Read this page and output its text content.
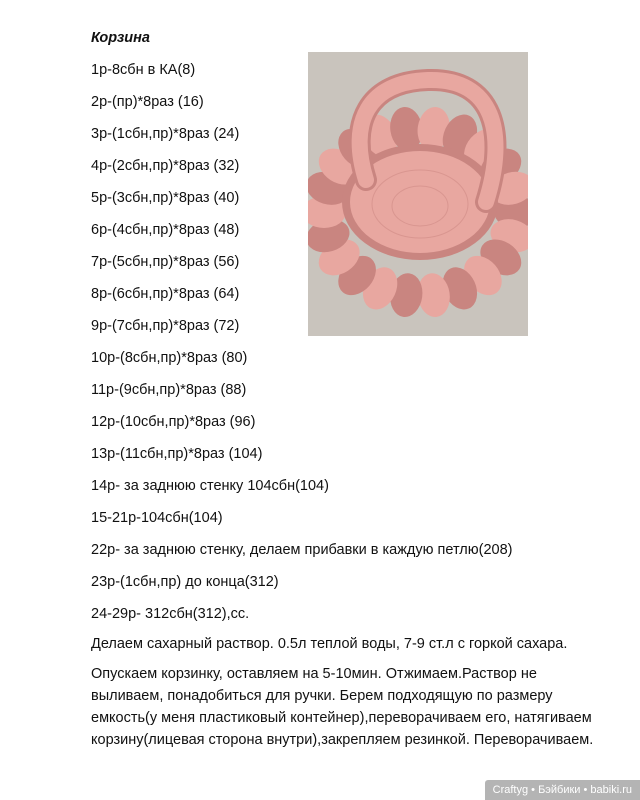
Корзина
1р-8сбн в КА(8)
2р-(пр)*8раз (16)
3р-(1сбн,пр)*8раз (24)
4р-(2сбн,пр)*8раз (32)
5р-(3сбн,пр)*8раз (40)
6р-(4сбн,пр)*8раз (48)
7р-(5сбн,пр)*8раз (56)
8р-(6сбн,пр)*8раз (64)
9р-(7сбн,пр)*8раз (72)
10р-(8сбн,пр)*8раз (80)
11р-(9сбн,пр)*8раз (88)
12р-(10сбн,пр)*8раз (96)
13р-(11сбн,пр)*8раз (104)
14р- за заднюю стенку 104сбн(104)
15-21р-104сбн(104)
22р- за заднюю стенку, делаем прибавки в каждую петлю(208)
23р-(1сбн,пр) до конца(312)
24-29р- 312сбн(312),сс.
Делаем сахарный раствор. 0.5л теплой воды, 7-9 ст.л с горкой сахара.
Опускаем корзинку, оставляем на 5-10мин. Отжимаем.Раствор не выливаем, понадобиться для ручки. Берем подходящую по размеру емкость(у меня пластиковый контейнер),переворачиваем его, натягиваем корзину(лицевая сторона внутри),закрепляем резинкой. Переворачиваем.
Craftyg • Бэйбики • babiki.ru
